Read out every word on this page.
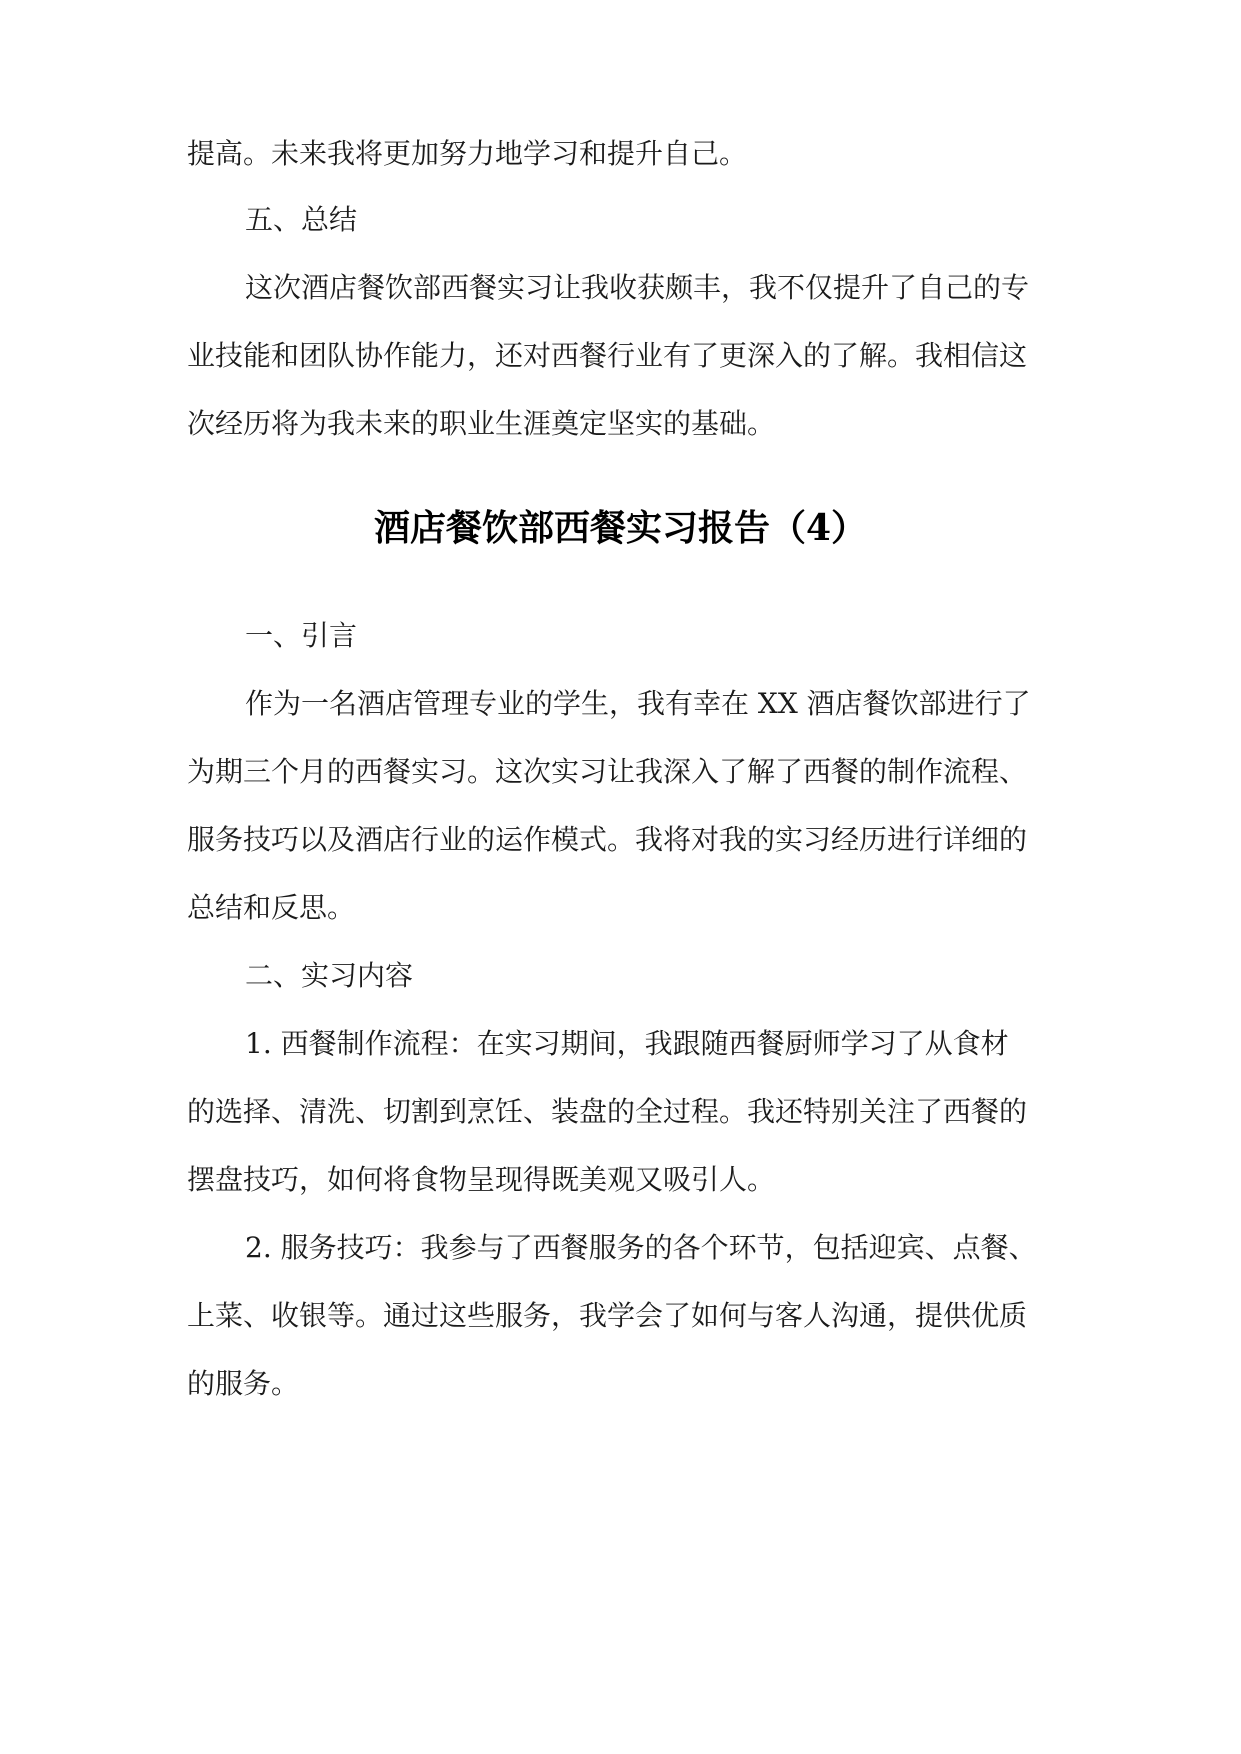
提高。未来我将更加努力地学习和提升自己。
五、总结
这次酒店餐饮部西餐实习让我收获颇丰，我不仅提升了自己的专
业技能和团队协作能力，还对西餐行业有了更深入的了解。我相信这
次经历将为我未来的职业生涯奠定坚实的基础。
酒店餐饮部西餐实习报告（4）
一、引言
作为一名酒店管理专业的学生，我有幸在 XX 酒店餐饮部进行了
为期三个月的西餐实习。这次实习让我深入了解了西餐的制作流程、
服务技巧以及酒店行业的运作模式。我将对我的实习经历进行详细的
总结和反思。
二、实习内容
1. 西餐制作流程：在实习期间，我跟随西餐厨师学习了从食材
的选择、清洗、切割到烹饪、装盘的全过程。我还特别关注了西餐的
摆盘技巧，如何将食物呈现得既美观又吸引人。
2. 服务技巧：我参与了西餐服务的各个环节，包括迎宾、点餐、
上菜、收银等。通过这些服务，我学会了如何与客人沟通，提供优质
的服务。
